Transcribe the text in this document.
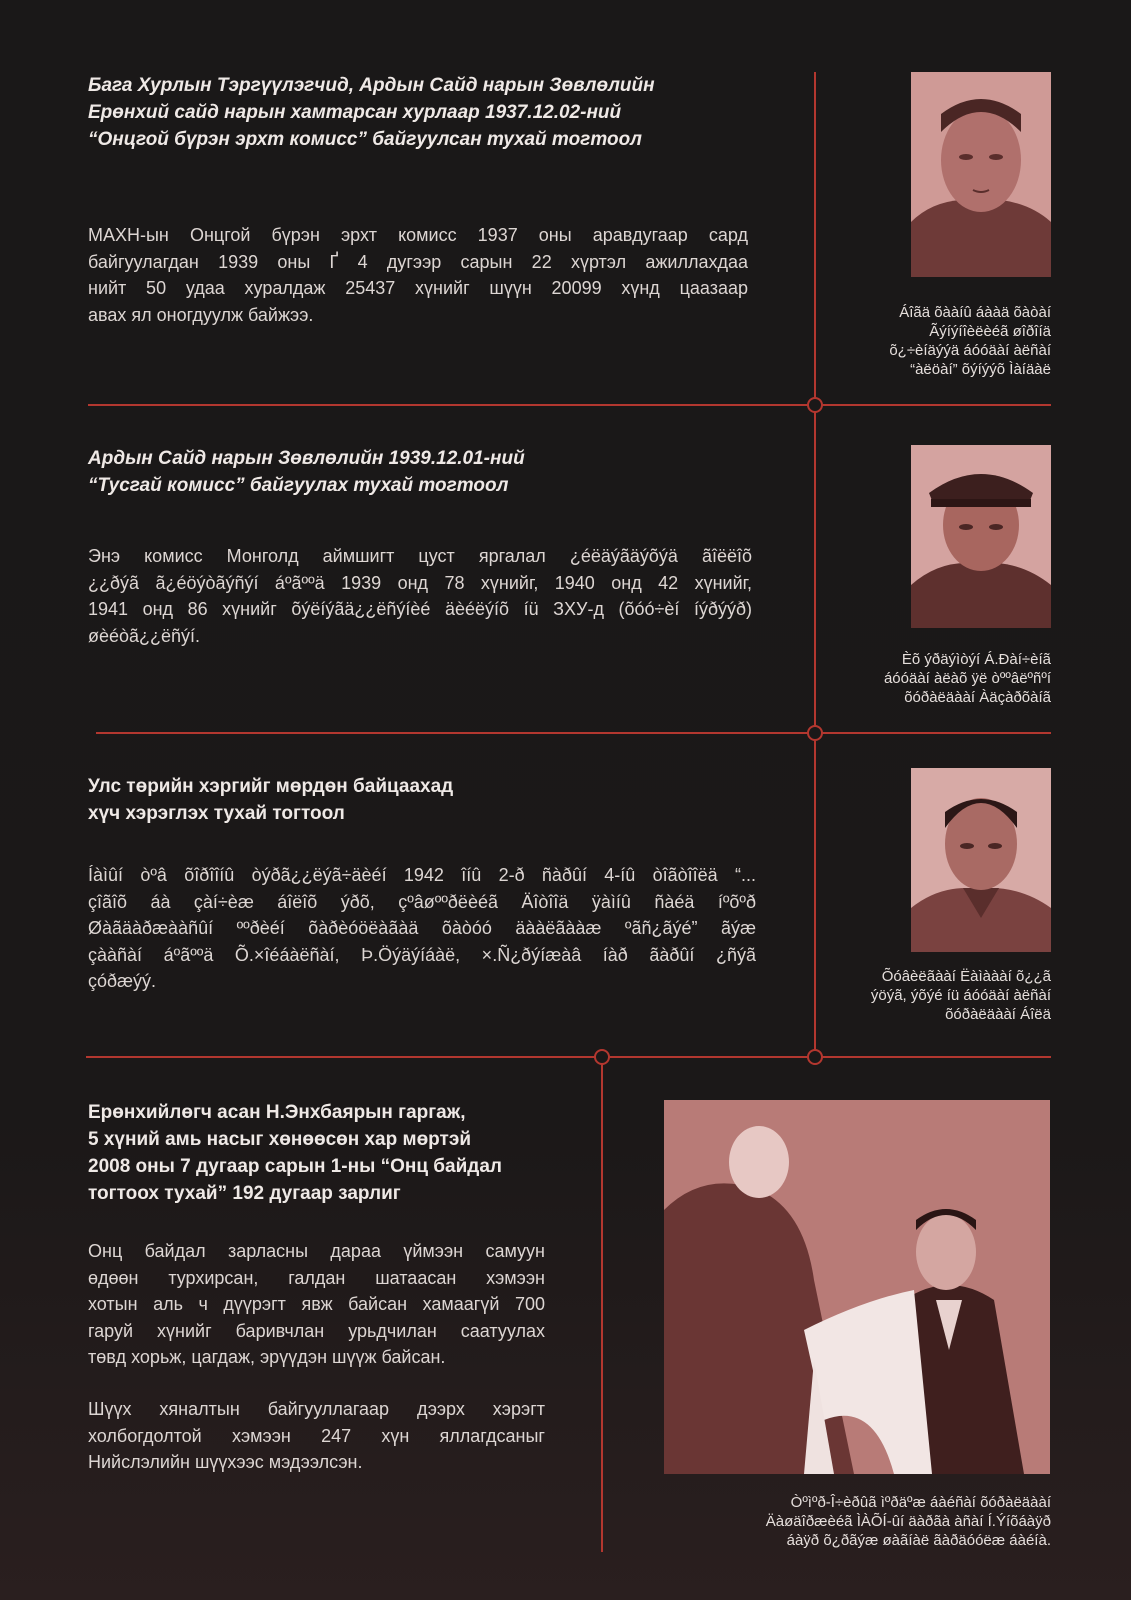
Бага Хурлын Тэргүүлэгчид, Ардын Сайд нарын Зөвлөлийн
Ерөнхий сайд нарын хамтарсан хурлаар 1937.12.02-ний
“Онцгой бүрэн эрхт комисс” байгуулсан тухай тогтоол
МАХН-ын Онцгой бүрэн эрхт комисс 1937 оны аравдугаар сард
байгуулагдан 1939 оны Ґ 4 дугээр сарын 22 хүртэл ажиллахдаа
нийт 50 удаа хуралдаж 25437 хүнийг шүүн 20099 хүнд цаазаар
авах ял оногдуулж байжээ.	Áîãä õààíû áààä õàòàí
Ãýíýíîèëèéã øîðîíä
õ¿÷èíäýýä áóóäàí àëñàí
“àëöàí” õýíýýõ Ìàíäàë
Ардын Сайд нарын Зөвлөлийн 1939.12.01-ний
“Тусгай комисс” байгуулах тухай тогтоол
Энэ комисс Монголд аймшигт цуст яргалал ¿éëäýãäýõýä ãîëëîõ
¿¿ðýã ã¿éöýòãýñýí áºãººä 1939 онд 78 хүнийг, 1940 онд 42 хүнийг,
1941 онд 86 хүнийг õýëíýãä¿¿ëñýíèé äèéëýíõ íü ЗХУ-д (õóó÷èí íýðýýð)
øèéòã¿¿ëñýí.
Èõ ýðäýìòýí Á.Ðàí÷èíã
áóóäàí àëàõ ÿë òººâëºñºí
õóðàëäààí Àäçàðõàíã
Улс төрийн хэргийг мөрдөн байцаахад
хүч хэрэглэх тухай тогтоол
Íàìûí òºâ õîðîîíû òýðã¿¿ëýã÷äèéí 1942 îíû 2-ð ñàðûí 4-íû òîãòîîëä “...
çîãîõ áà çàí÷èæ áîëîõ ýðõ, çºâøººðëèéã Äîòîîä ÿàìíû ñàéä íºõºð
Øàãäàðæààñûí ººðèéí õàðèóöëàãàä õàòóó äààëãààæ ºãñ¿ãýé” ãýæ
çààñàí áºãººä Õ.×îéáàëñàí, Þ.Öýäýíáàë, ×.Ñ¿ðýíæàâ íàð ãàðûí ¿ñýã
çóðæýý.	Õóâèëãààí Ëàìàààí õ¿¿ã
ýöýã, ýõýé íü áóóäàí àëñàí
õóðàëäààí Áîëä
Ерөнхийлөгч асан Н.Энхбаярын гаргаж,
5 хүний амь насыг хөнөөсөн хар мөртэй
2008 оны 7 дугаар сарын 1-ны “Онц байдал
тогтоох тухай” 192 дугаар зарлиг
Онц байдал зарласны дараа үймээн самуун
өдөөн турхирсан, галдан шатаасан хэмээн
хотын аль ч дүүрэгт явж байсан хамаагүй 700
гаруй хүнийг баривчлан урьдчилан саатуулах
төвд хорьж, цагдаж, эрүүдэн шүүж байсан.
Шүүх хяналтын байгууллагаар дээрх хэрэгт
холбогдолтой хэмээн 247 хүн яллагдсаныг
Нийслэлийн шүүхээс мэдээлсэн.
Òºìºð-Î÷èðûã ìºðäºæ áàéñàí õóðàëäààí
Äàøäîðæèéã ÌÀÕÍ-ûí äàðãà àñàí Í.Ýíõáàÿð
áàÿð õ¿ðãýæ øàãíàë ãàðäóóëæ áàéíà.
